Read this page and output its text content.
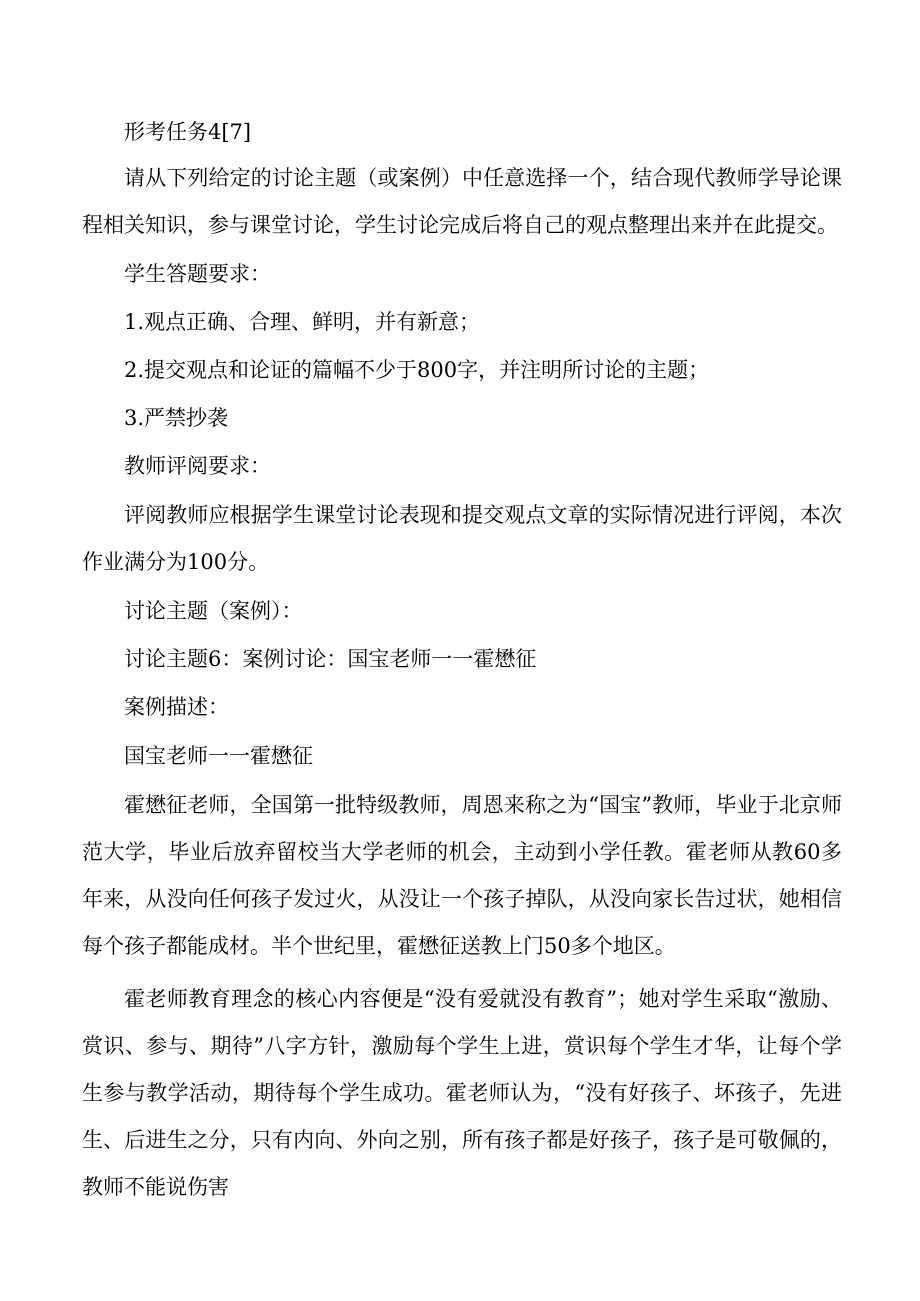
形考任务4[7]

请从下列给定的讨论主题（或案例）中任意选择一个，结合现代教师学导论课程相关知识，参与课堂讨论，学生讨论完成后将自己的观点整理出来并在此提交。

学生答题要求：

1.观点正确、合理、鲜明，并有新意；

2.提交观点和论证的篇幅不少于800字，并注明所讨论的主题；

3.严禁抄袭

教师评阅要求：

评阅教师应根据学生课堂讨论表现和提交观点文章的实际情况进行评阅，本次作业满分为100分。

讨论主题（案例）：

讨论主题6：案例讨论：国宝老师一一霍懋征

案例描述：

国宝老师一一霍懋征

霍懋征老师，全国第一批特级教师，周恩来称之为“国宝”教师，毕业于北京师范大学，毕业后放弃留校当大学老师的机会，主动到小学任教。霍老师从教60多年来，从没向任何孩子发过火，从没让一个孩子掉队，从没向家长告过状，她相信每个孩子都能成材。半个世纪里，霍懋征送教上门50多个地区。

霍老师教育理念的核心内容便是“没有爱就没有教育”；她对学生采取“激励、赏识、参与、期待”八字方针，激励每个学生上进，赏识每个学生才华，让每个学生参与教学活动，期待每个学生成功。霍老师认为，“没有好孩子、坏孩子，先进生、后进生之分，只有内向、外向之别，所有孩子都是好孩子，孩子是可敬佩的，教师不能说伤害
